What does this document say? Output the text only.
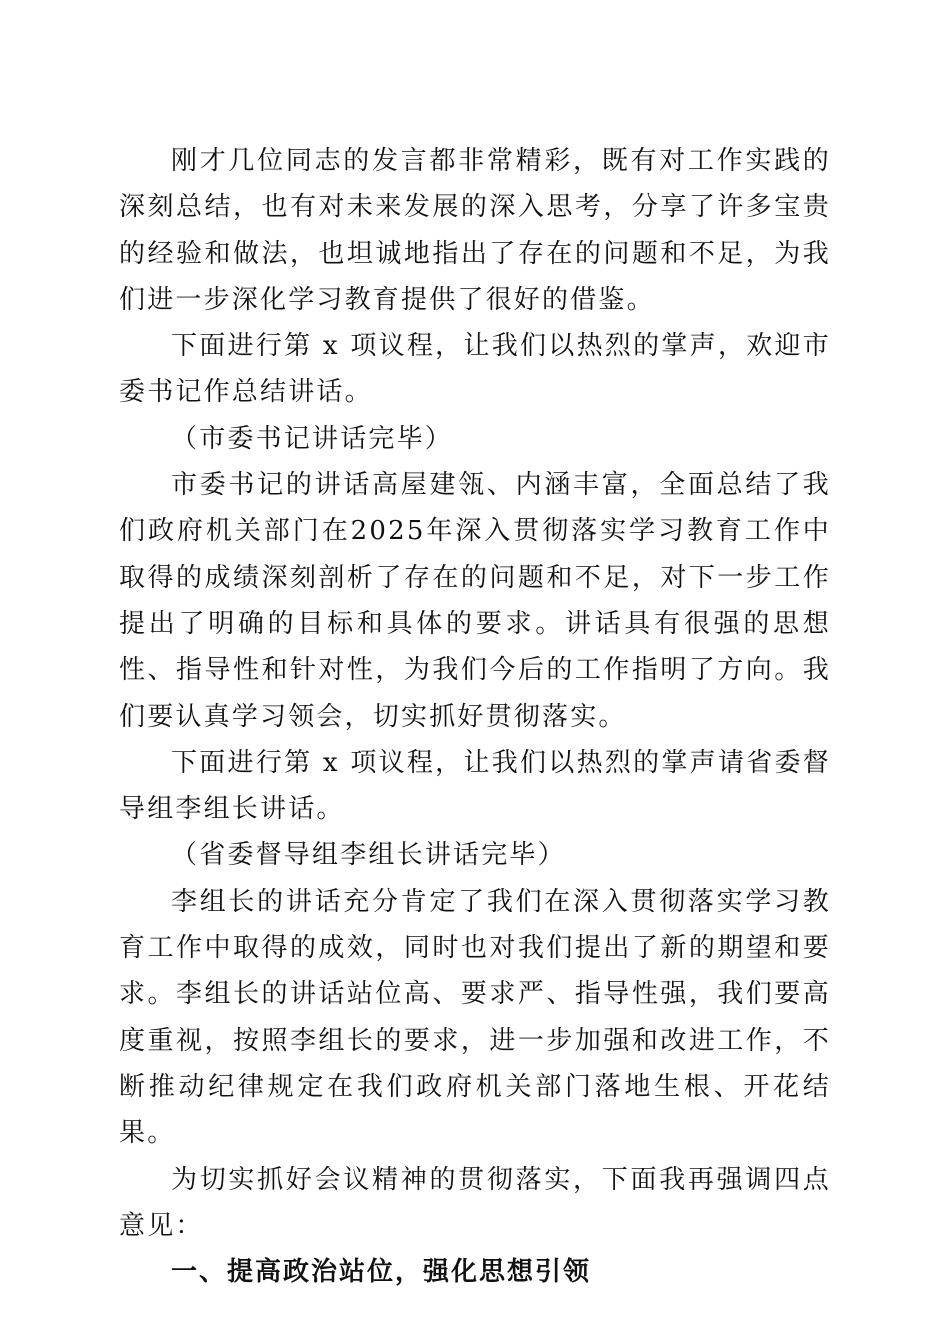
刚才几位同志的发言都非常精彩，既有对工作实践的深刻总结，也有对未来发展的深入思考，分享了许多宝贵的经验和做法，也坦诚地指出了存在的问题和不足，为我们进一步深化学习教育提供了很好的借鉴。

下面进行第 x 项议程，让我们以热烈的掌声，欢迎市委书记作总结讲话。

（市委书记讲话完毕）

市委书记的讲话高屋建瓴、内涵丰富，全面总结了我们政府机关部门在2025年深入贯彻落实学习教育工作中取得的成绩深刻剖析了存在的问题和不足，对下一步工作提出了明确的目标和具体的要求。讲话具有很强的思想性、指导性和针对性，为我们今后的工作指明了方向。我们要认真学习领会，切实抓好贯彻落实。

下面进行第 x 项议程，让我们以热烈的掌声请省委督导组李组长讲话。

（省委督导组李组长讲话完毕）

李组长的讲话充分肯定了我们在深入贯彻落实学习教育工作中取得的成效，同时也对我们提出了新的期望和要求。李组长的讲话站位高、要求严、指导性强，我们要高度重视，按照李组长的要求，进一步加强和改进工作，不断推动纪律规定在我们政府机关部门落地生根、开花结果。

为切实抓好会议精神的贯彻落实，下面我再强调四点意见：

一、提高政治站位，强化思想引领
